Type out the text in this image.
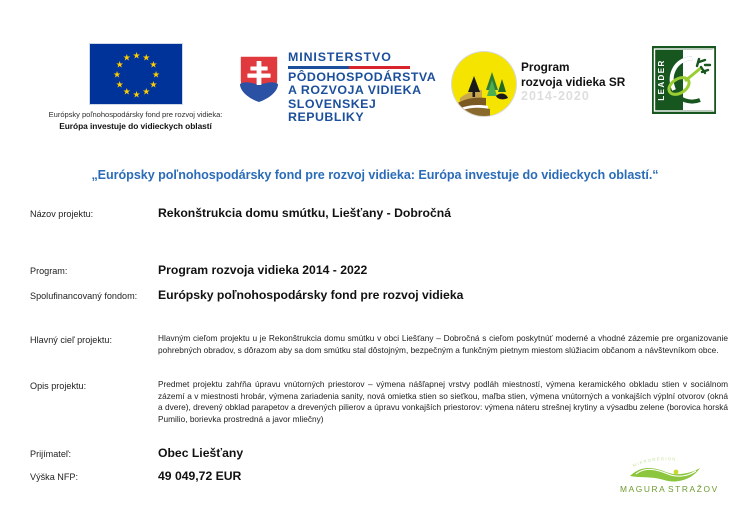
★ ★
★
★
★
★
★
★
★
★
★
★
Európsky poľnohospodársky fond pre rozvoj vidieka:
Európa investuje do vidieckych oblastí
MINISTERSTVO
PÔDOHOSPODÁRSTVA
A ROZVOJA VIDIEKA
SLOVENSKEJ REPUBLIKY
Program
rozvoja vidieka SR
2014-2020	LEADER
„Európsky poľnohospodársky fond pre rozvoj vidieka: Európa investuje do vidieckych oblastí.“
Názov projektu:	Rekonštrukcia domu smútku, Liešťany - Dobročná
Program:	Program rozvoja vidieka 2014 - 2022
Spolufinancovaný fondom:	Európsky poľnohospodársky fond pre rozvoj vidieka
Hlavný cieľ projektu:	Hlavným cieľom projektu u je Rekonštrukcia domu smútku v obci Liešťany – Dobročná s cieľom poskytnúť moderné a vhodné zázemie pre organizovanie pohrebných obradov, s dôrazom aby sa dom smútku stal dôstojným, bezpečným a funkčným pietnym miestom slúžiacim občanom a návštevníkom obce.
Opis projektu:	Predmet projektu zahŕňa úpravu vnútorných priestorov – výmena nášľapnej vrstvy podláh miestností, výmena keramického obkladu stien v sociálnom zázemí a v miestnosti hrobár, výmena zariadenia sanity, nová omietka stien so sieťkou, maľba stien, výmena vnútorných a vonkajších výplní otvorov (okná a dvere), drevený obklad parapetov a drevených pilierov a úpravu vonkajších priestorov: výmena náteru strešnej krytiny a výsadbu zelene (borovica horská Pumilio, borievka prostredná a javor mliečny)
Prijímateľ:	Obec Liešťany
Výška NFP:	49 049,72 EUR
MIKROREGION
MAGURA STRAŽOV
